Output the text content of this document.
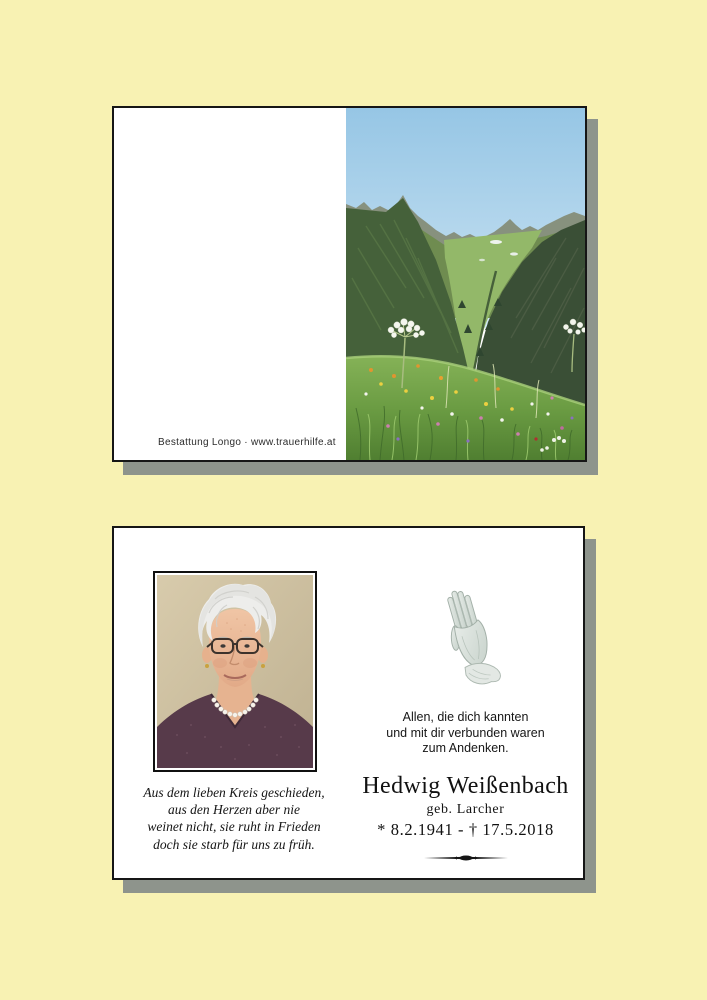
Bestattung Longo · www.trauerhilfe.at
Aus dem lieben Kreis geschieden,
aus den Herzen aber nie
weinet nicht, sie ruht in Frieden
doch sie starb für uns zu früh.
Allen, die dich kannten
und mit dir verbunden waren
zum Andenken.
Hedwig Weißenbach
geb. Larcher
* 8.2.1941 - † 17.5.2018
